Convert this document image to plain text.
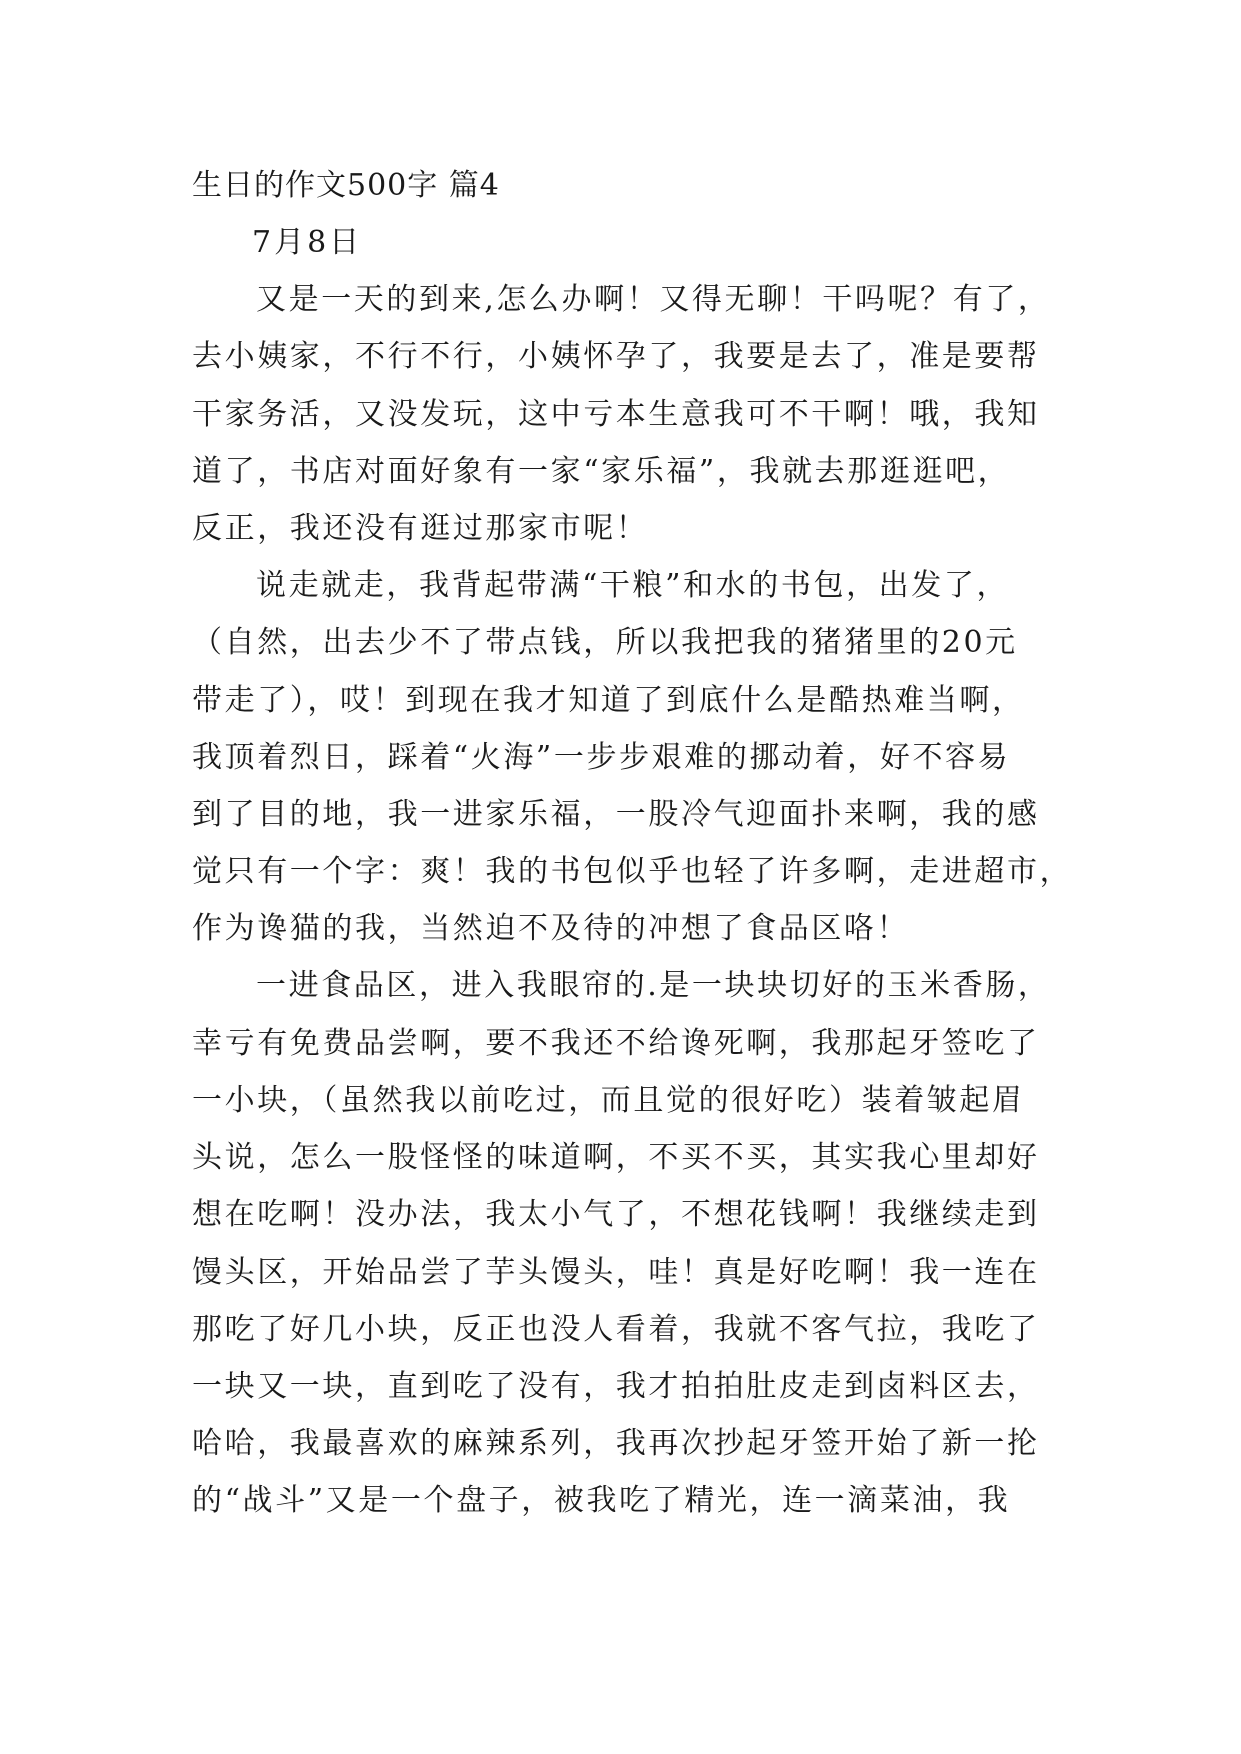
生日的作文500字 篇4
7月8日
又是一天的到来,怎么办啊！又得无聊！干吗呢？有了，
去小姨家，不行不行，小姨怀孕了，我要是去了，准是要帮
干家务活，又没发玩，这中亏本生意我可不干啊！哦，我知
道了，书店对面好象有一家“家乐福”，我就去那逛逛吧，
反正，我还没有逛过那家市呢！
说走就走，我背起带满“干粮”和水的书包，出发了，
（自然，出去少不了带点钱，所以我把我的猪猪里的20元
带走了），哎！到现在我才知道了到底什么是酷热难当啊，
我顶着烈日，踩着“火海”一步步艰难的挪动着，好不容易
到了目的地，我一进家乐福，一股冷气迎面扑来啊，我的感
觉只有一个字：爽！我的书包似乎也轻了许多啊，走进超市，
作为谗猫的我，当然迫不及待的冲想了食品区咯！
一进食品区，进入我眼帘的.是一块块切好的玉米香肠，
幸亏有免费品尝啊，要不我还不给谗死啊，我那起牙签吃了
一小块，（虽然我以前吃过，而且觉的很好吃）装着皱起眉
头说，怎么一股怪怪的味道啊，不买不买，其实我心里却好
想在吃啊！没办法，我太小气了，不想花钱啊！我继续走到
馒头区，开始品尝了芋头馒头，哇！真是好吃啊！我一连在
那吃了好几小块，反正也没人看着，我就不客气拉，我吃了
一块又一块，直到吃了没有，我才拍拍肚皮走到卤料区去，
哈哈，我最喜欢的麻辣系列，我再次抄起牙签开始了新一抡
的“战斗”又是一个盘子，被我吃了精光，连一滴菜油，我
